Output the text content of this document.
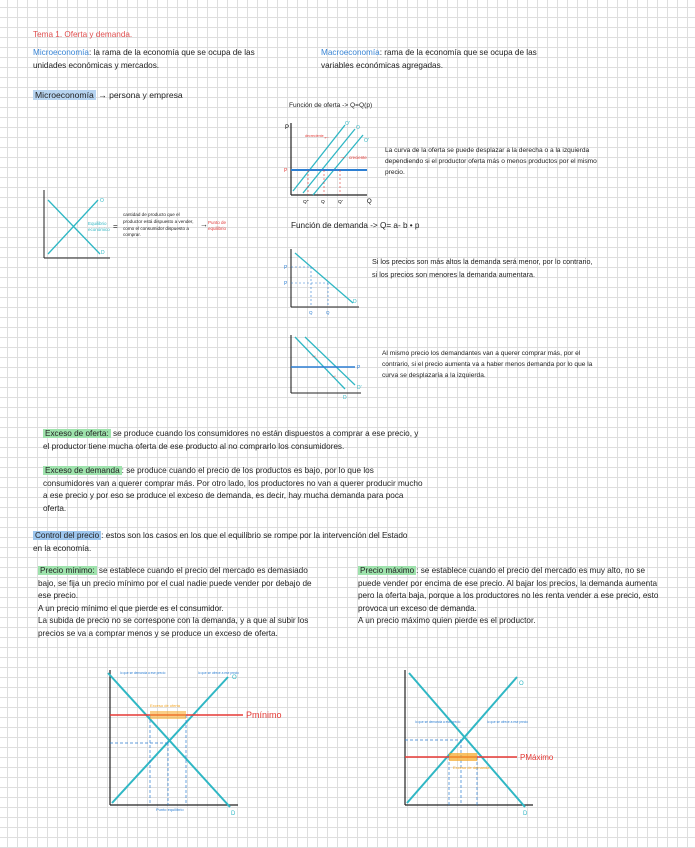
Tema 1. Oferta y demanda.
Microeconomía: la rama de la economía que se ocupa de las unidades económicas y mercados.
Macroeconomía: rama de la economía que se ocupa de las variables económicas agregadas.
Microeconomía → persona y empresa
Función de oferta -> Q=Q(p)
P
Q
P
O'
O
O'
decreciente
creciente
←
→
Q''	Q	Q'
La curva de la oferta se puede desplazar a la derecha o a la izquierda dependiendo si el productor oferta más o menos productos por el mismo precio.
O
D
Equilibrio económico =
cantidad de producto que el productor está dispuesto a vender, como el consumidor dispuesto a comprar.
→ Punto de equilibrio	Función de demanda -> Q= a- b • p
P
P
D
Q	Q
Si los precios son más altos la demanda será menor, por lo contrario, si los precios son menores la demanda aumentara.
→
→
P
D'
D
Al mismo precio los demandantes van a querer comprar más, por el contrario, si el precio aumenta va a haber menos demanda por lo que la curva se desplazaría a la izquierda.
Exceso de oferta: se produce cuando los consumidores no están dispuestos a comprar a ese precio, y el productor tiene mucha oferta de ese producto al no comprarlo los consumidores.
Exceso de demanda : se produce cuando el precio de los productos es bajo, por lo que los consumidores van a querer comprar más. Por otro lado, los productores no van a querer producir mucho a ese precio y por eso se produce el exceso de demanda, es decir, hay mucha demanda para poca oferta.
Control del precio : estos son los casos en los que el equilibrio se rompe por la intervención del Estado en la economía.
Precio mínimo: se establece cuando el precio del mercado es demasiado bajo, se fija un precio mínimo por el cual nadie puede vender por debajo de ese precio.
A un precio mínimo el que pierde es el consumidor.
La subida de precio no se correspone con la demanda, y a que al subir los precios se va a comprar menos y se produce un exceso de oferta.
Precio máximo : se establece cuando el precio del mercado es muy alto, no se puede vender por encima de ese precio. Al bajar los precios, la demanda aumenta pero la oferta baja, porque a los productores no les renta vender a ese precio, esto provoca un exceso de demanda.
A un precio máximo quien pierde es el productor.
Exceso de oferta
lo que se demanda a ese precio	lo que se ofrece a ese precio
O
D
Pmínimo
Punto equilibrio
Exceso de demanda
lo que se demanda a ese precio	lo que se ofrece a ese precio
O
D
PMáximo
